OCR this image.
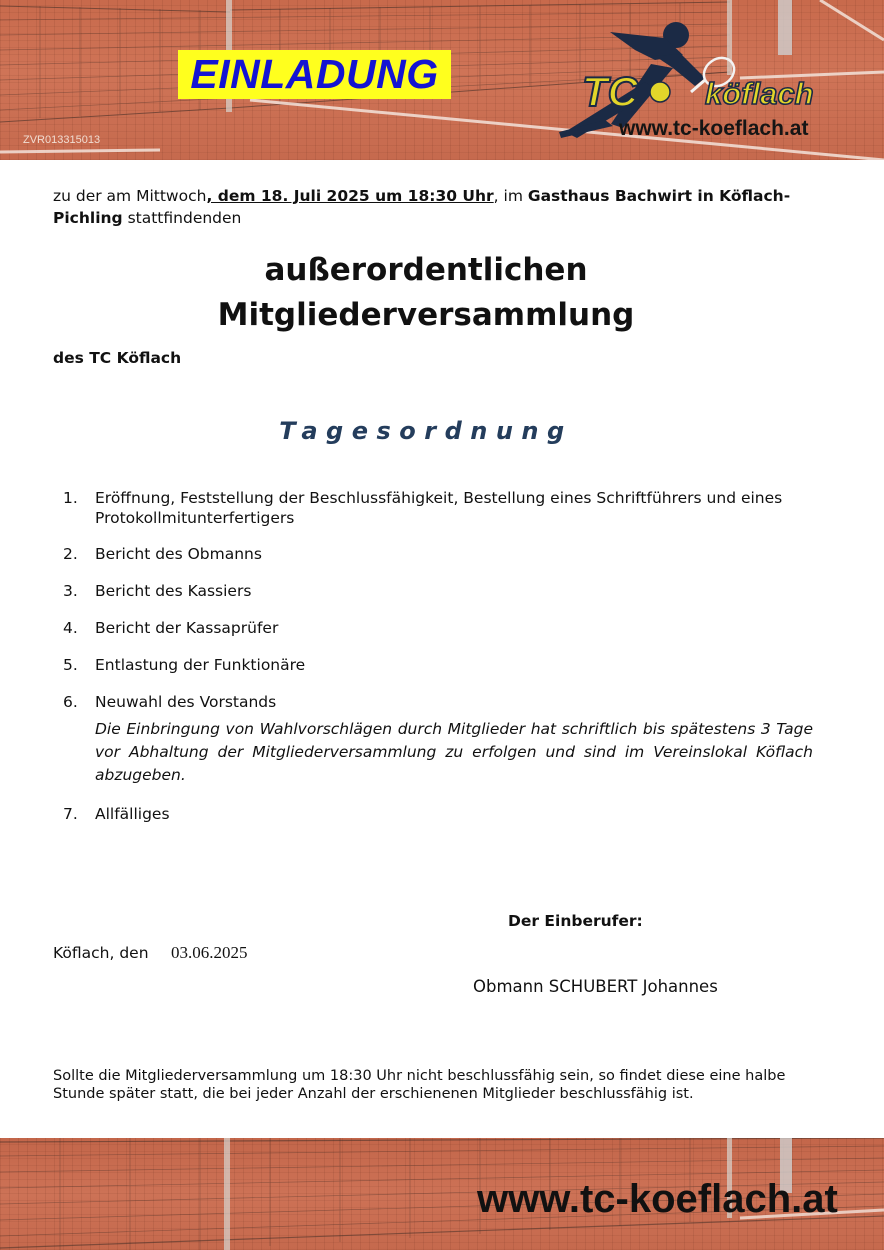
EINLADUNG
ZVR013315013
TC köflach
www.tc-koeflach.at

zu der am Mittwoch, dem 18. Juli 2025 um 18:30 Uhr, im Gasthaus Bachwirt in Köflach-Pichling stattfindenden

außerordentlichen
Mitgliederversammlung
des TC Köflach
Tagesordnung
1. Eröffnung, Feststellung der Beschlussfähigkeit, Bestellung eines Schriftführers und eines Protokollmitunterfertigers
2. Bericht des Obmanns
3. Bericht des Kassiers
4. Bericht der Kassaprüfer
5. Entlastung der Funktionäre
6. Neuwahl des Vorstands
Die Einbringung von Wahlvorschlägen durch Mitglieder hat schriftlich bis spätestens 3 Tage vor Abhaltung der Mitgliederversammlung zu erfolgen und sind im Vereinslokal Köflach abzugeben.
7. Allfälliges
Der Einberufer:
Köflach, den 03.06.2025
Obmann SCHUBERT Johannes

Sollte die Mitgliederversammlung um 18:30 Uhr nicht beschlussfähig sein, so findet diese eine halbe Stunde später statt, die bei jeder Anzahl der erschienenen Mitglieder beschlussfähig ist.

www.tc-koeflach.at
